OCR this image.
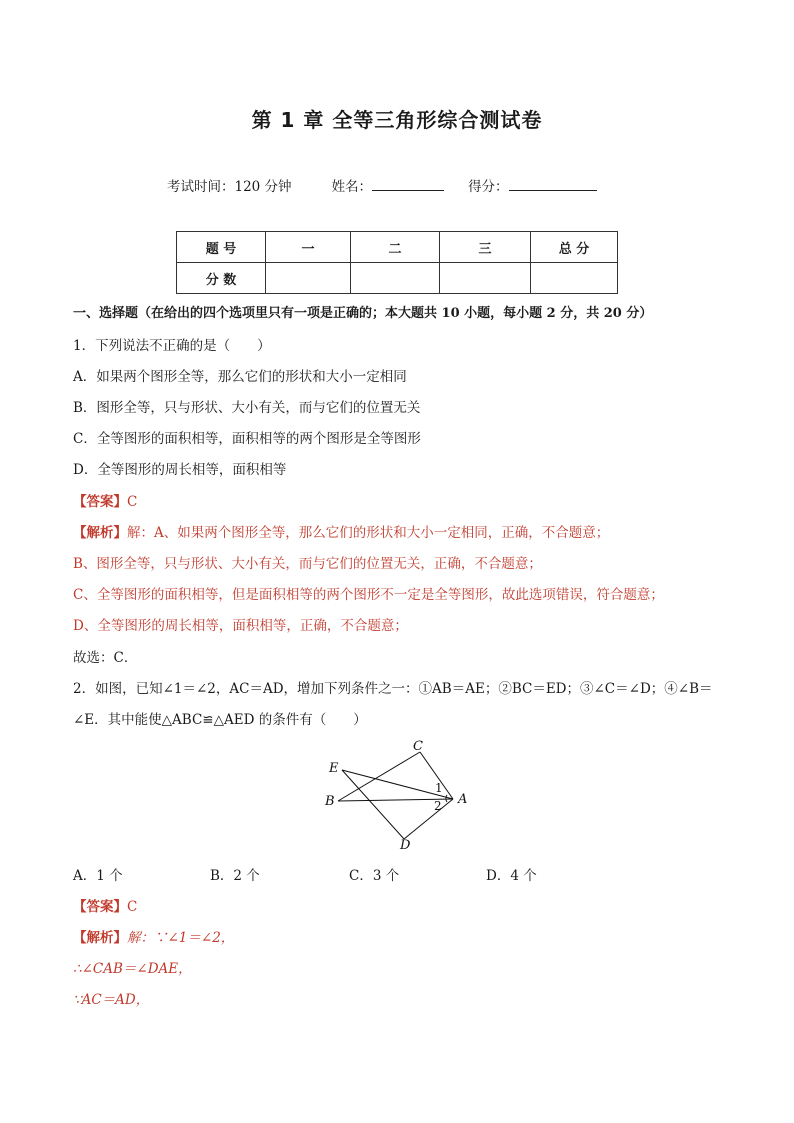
第 1 章 全等三角形综合测试卷
考试时间：120 分钟	姓名：	得分：
题 号	一	二	三	总 分
分 数				
一、选择题（在给出的四个选项里只有一项是正确的；本大题共 10 小题，每小题 2 分，共 20 分）
1．下列说法不正确的是（　　）
A．如果两个图形全等，那么它们的形状和大小一定相同
B．图形全等，只与形状、大小有关，而与它们的位置无关
C．全等图形的面积相等，面积相等的两个图形是全等图形
D．全等图形的周长相等，面积相等
【答案】C
【解析】解：A、如果两个图形全等，那么它们的形状和大小一定相同，正确，不合题意；
B、图形全等，只与形状、大小有关，而与它们的位置无关，正确，不合题意；
C、全等图形的面积相等，但是面积相等的两个图形不一定是全等图形，故此选项错误，符合题意；
D、全等图形的周长相等，面积相等，正确，不合题意；
故选：C．
2．如图，已知∠1＝∠2，AC＝AD，增加下列条件之一：①AB＝AE；②BC＝ED；③∠C＝∠D；④∠B＝
∠E．其中能使△ABC≌△AED 的条件有（　　）
C
E
B	A
D
1
2
A．1 个	B．2 个	C．3 个	D．4 个
【答案】C
【解析】解：∵∠1＝∠2，
∴∠CAB＝∠DAE，
∵AC＝AD，
